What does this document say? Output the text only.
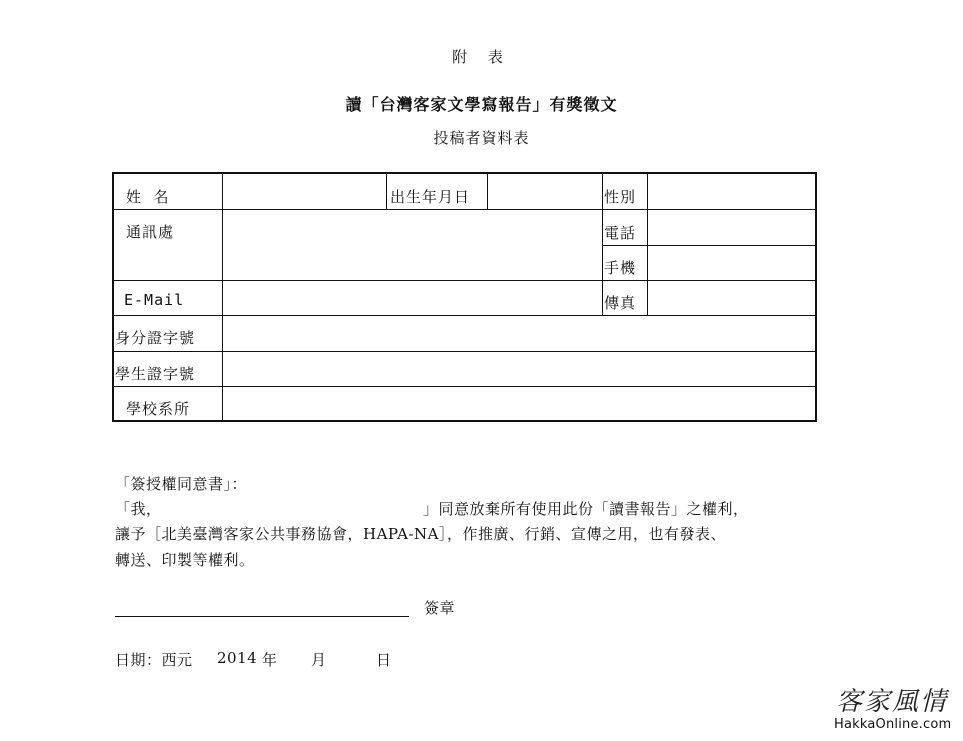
附 表
讀「台灣客家文學寫報告」有獎徵文
投稿者資料表
姓  名	出生年月日	性別
通訊處	電話
手機
E-Mail	傳真
身分證字號
學生證字號
學校系所
「簽授權同意書」：
「我，	」同意放棄所有使用此份「讀書報告」之權利，
讓予［北美臺灣客家公共事務協會，HAPA-NA］，作推廣、行銷、宣傳之用，也有發表、
轉送、印製等權利。
簽章
日期：西元 2014 年 月	日
客家風情
HakkaOnline.com
